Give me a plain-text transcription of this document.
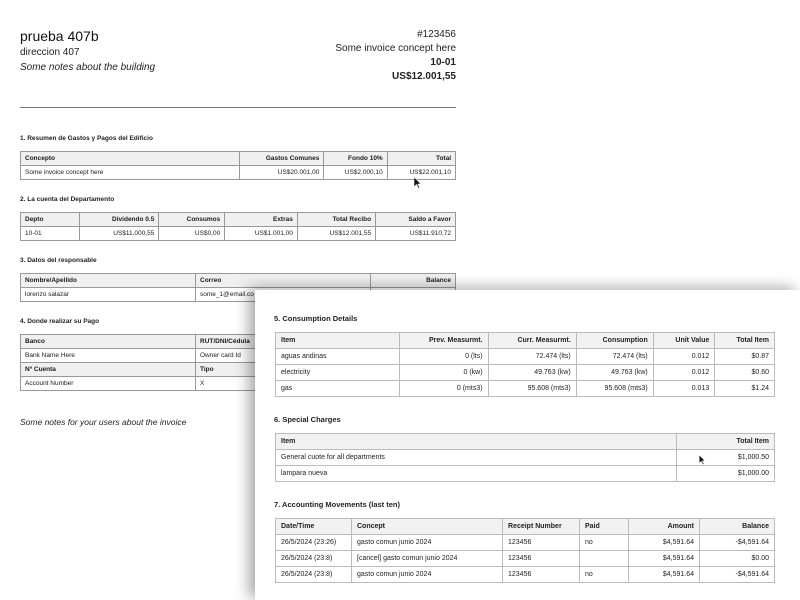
prueba 407b
direccion 407
Some notes about the building
#123456
Some invoice concept here
10-01
US$12.001,55
1. Resumen de Gastos y Pagos del Edificio
Concepto	Gastos Comunes	Fondo 10%	Total
Some invoice concept here	US$20.001,00	US$2.000,10	US$22.001,10
2. La cuenta del Departamento
Depto	Dividendo 0.5	Consumos	Extras	Total Recibo	Saldo a Favor
10-01	US$11.000,55	US$0,00	US$1.001,00	US$12.001,55	US$11.910,72
3. Datos del responsable
Nombre/Apellido	Correo	Balance
lorenzo salazar	some_1@email.co	
4. Donde realizar su Pago
Banco	RUT/DNI/Cédula
Bank Name Here	Owner card Id
Nº Cuenta	Tipo
Account Number	X
Some notes for your users about the invoice
5. Consumption Details
Item	Prev. Measurmt.	Curr. Measurmt.	Consumption	Unit Value	Total Item
aguas andinas	0 (lts)	72.474 (lts)	72.474 (lts)	0.012	$0.87
electricity	0 (kw)	49.763 (kw)	49.763 (kw)	0.012	$0.60
gas	0 (mts3)	95.608 (mts3)	95.608 (mts3)	0.013	$1.24
6. Special Charges
Item	Total Item
General cuote for all departments	$1,000.50
lampara nueva	$1,000.00
7. Accounting Movements (last ten)
Date/Time	Concept	Receipt Number	Paid	Amount	Balance
26/5/2024 (23:26)	gasto comun junio 2024	123456	no	$4,591.64	-$4,591.64
26/5/2024 (23:8)	[cancel] gasto comun junio 2024	123456		$4,591.64	$0.00
26/5/2024 (23:8)	gasto comun junio 2024	123456	no	$4,591.64	-$4,591.64
